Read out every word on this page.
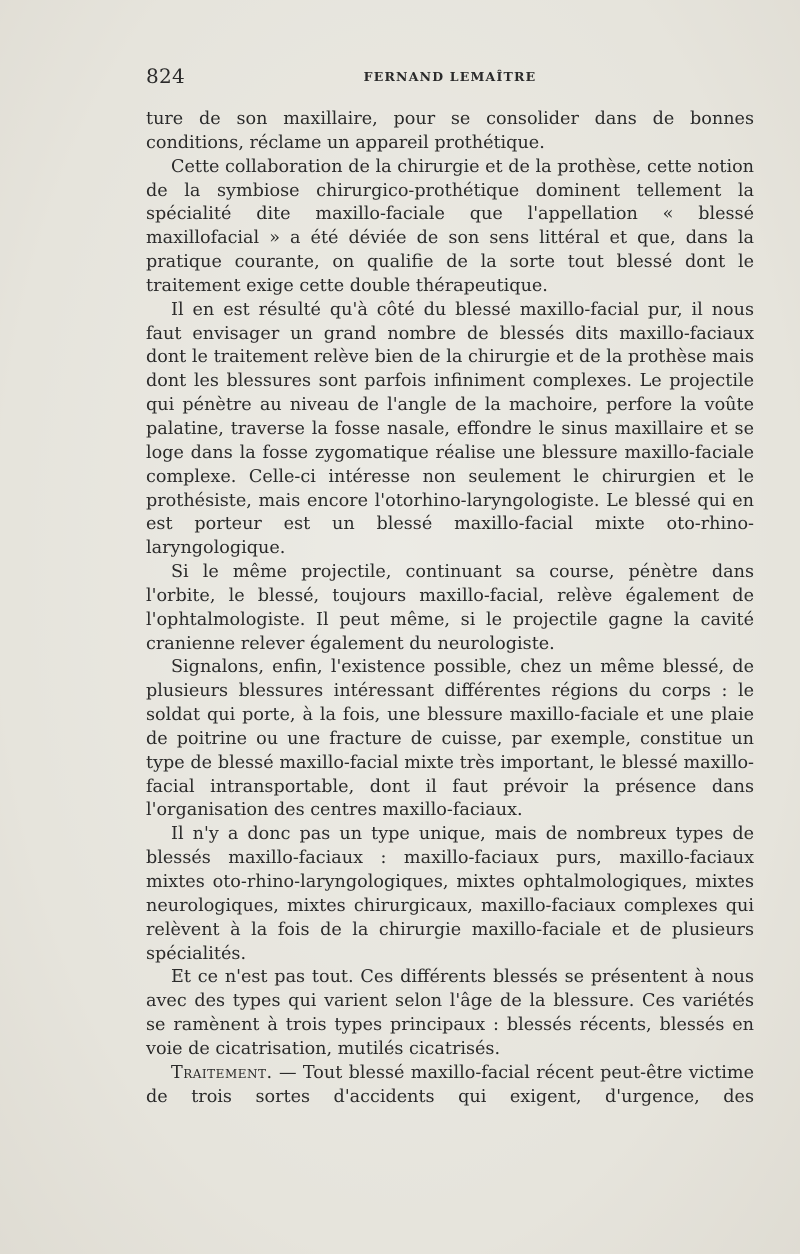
824	FERNAND LEMAÎTRE

ture de son maxillaire, pour se consolider dans de bonnes conditions, réclame un appareil prothétique.

Cette collaboration de la chirurgie et de la prothèse, cette notion de la symbiose chirurgico-prothétique dominent tellement la spécialité dite maxillo-faciale que l'appellation « blessé maxillofacial » a été déviée de son sens littéral et que, dans la pratique courante, on qualifie de la sorte tout blessé dont le traitement exige cette double thérapeutique.

Il en est résulté qu'à côté du blessé maxillo-facial pur, il nous faut envisager un grand nombre de blessés dits maxillo-faciaux dont le traitement relève bien de la chirurgie et de la prothèse mais dont les blessures sont parfois infiniment complexes. Le projectile qui pénètre au niveau de l'angle de la machoire, perfore la voûte palatine, traverse la fosse nasale, effondre le sinus maxillaire et se loge dans la fosse zygomatique réalise une blessure maxillo-faciale complexe. Celle-ci intéresse non seulement le chirurgien et le prothésiste, mais encore l'otorhino-laryngologiste. Le blessé qui en est porteur est un blessé maxillo-facial mixte oto-rhino-laryngologique.

Si le même projectile, continuant sa course, pénètre dans l'orbite, le blessé, toujours maxillo-facial, relève également de l'ophtalmologiste. Il peut même, si le projectile gagne la cavité cranienne relever également du neurologiste.

Signalons, enfin, l'existence possible, chez un même blessé, de plusieurs blessures intéressant différentes régions du corps : le soldat qui porte, à la fois, une blessure maxillo-faciale et une plaie de poitrine ou une fracture de cuisse, par exemple, constitue un type de blessé maxillo-facial mixte très important, le blessé maxillo-facial intransportable, dont il faut prévoir la présence dans l'organisation des centres maxillo-faciaux.

Il n'y a donc pas un type unique, mais de nombreux types de blessés maxillo-faciaux : maxillo-faciaux purs, maxillo-faciaux mixtes oto-rhino-laryngologiques, mixtes ophtalmologiques, mixtes neurologiques, mixtes chirurgicaux, maxillo-faciaux complexes qui relèvent à la fois de la chirurgie maxillo-faciale et de plusieurs spécialités.

Et ce n'est pas tout. Ces différents blessés se présentent à nous avec des types qui varient selon l'âge de la blessure. Ces variétés se ramènent à trois types principaux : blessés récents, blessés en voie de cicatrisation, mutilés cicatrisés.

Traitement. — Tout blessé maxillo-facial récent peut-être victime de trois sortes d'accidents qui exigent, d'urgence, des
